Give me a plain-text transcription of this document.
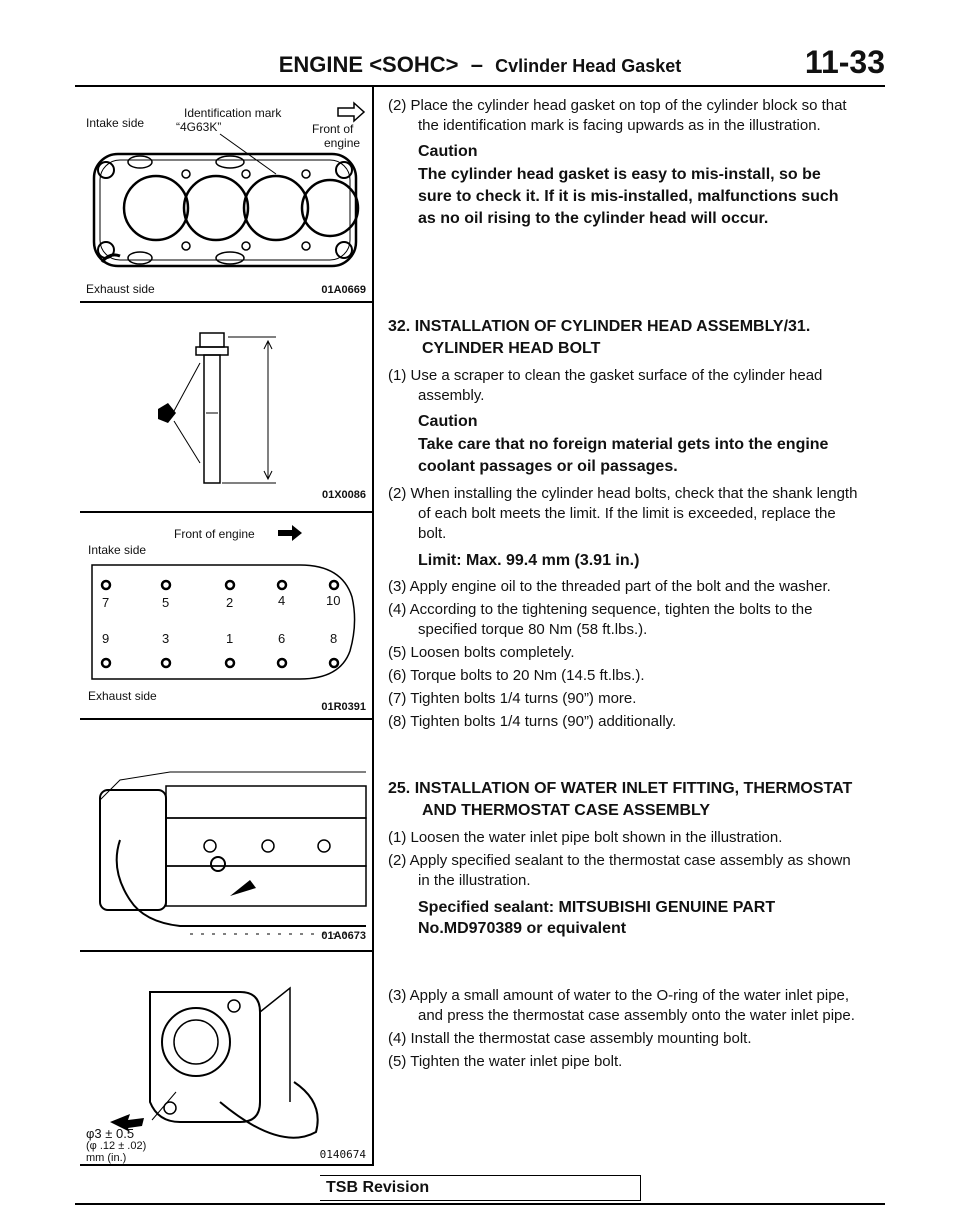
ENGINE <SOHC> – Cvlinder Head Gasket	11-33
Intake side
Identification mark
“4G63K”	Front of
engine
Exhaust side	01A0669
01X0086
Front of engine
Intake side
7	5	2	4	10
9	3	1	6	8
Exhaust side
01R0391
01A0673
φ3 ± 0.5
(φ .12 ± .02)
mm (in.)	0140674

(2) Place the cylinder head gasket on top of the cylinder block so that the identification mark is facing upwards as in the illustration.

Caution
The cylinder head gasket is easy to mis-install, so be sure to check it. If it is mis-installed, malfunctions such as no oil rising to the cylinder head will occur.
32. INSTALLATION OF CYLINDER HEAD ASSEMBLY/31. CYLINDER HEAD BOLT

(1) Use a scraper to clean the gasket surface of the cylinder head assembly.

Caution
Take care that no foreign material gets into the engine coolant passages or oil passages.

(2) When installing the cylinder head bolts, check that the shank length of each bolt meets the limit. If the limit is exceeded, replace the bolt.

Limit: Max. 99.4 mm (3.91 in.)

(3) Apply engine oil to the threaded part of the bolt and the washer.

(4) According to the tightening sequence, tighten the bolts to the specified torque 80 Nm (58 ft.lbs.).

(5) Loosen bolts completely.

(6) Torque bolts to 20 Nm (14.5 ft.lbs.).

(7) Tighten bolts 1/4 turns (90”) more.

(8) Tighten bolts 1/4 turns (90”) additionally.

25. INSTALLATION OF WATER INLET FITTING, THERMOSTAT AND THERMOSTAT CASE ASSEMBLY

(1) Loosen the water inlet pipe bolt shown in the illustration.

(2) Apply specified sealant to the thermostat case assembly as shown in the illustration.

Specified sealant: MITSUBISHI GENUINE PART No.MD970389 or equivalent

(3) Apply a small amount of water to the O-ring of the water inlet pipe, and press the thermostat case assembly onto the water inlet pipe.

(4) Install the thermostat case assembly mounting bolt.

(5) Tighten the water inlet pipe bolt.

TSB Revision
